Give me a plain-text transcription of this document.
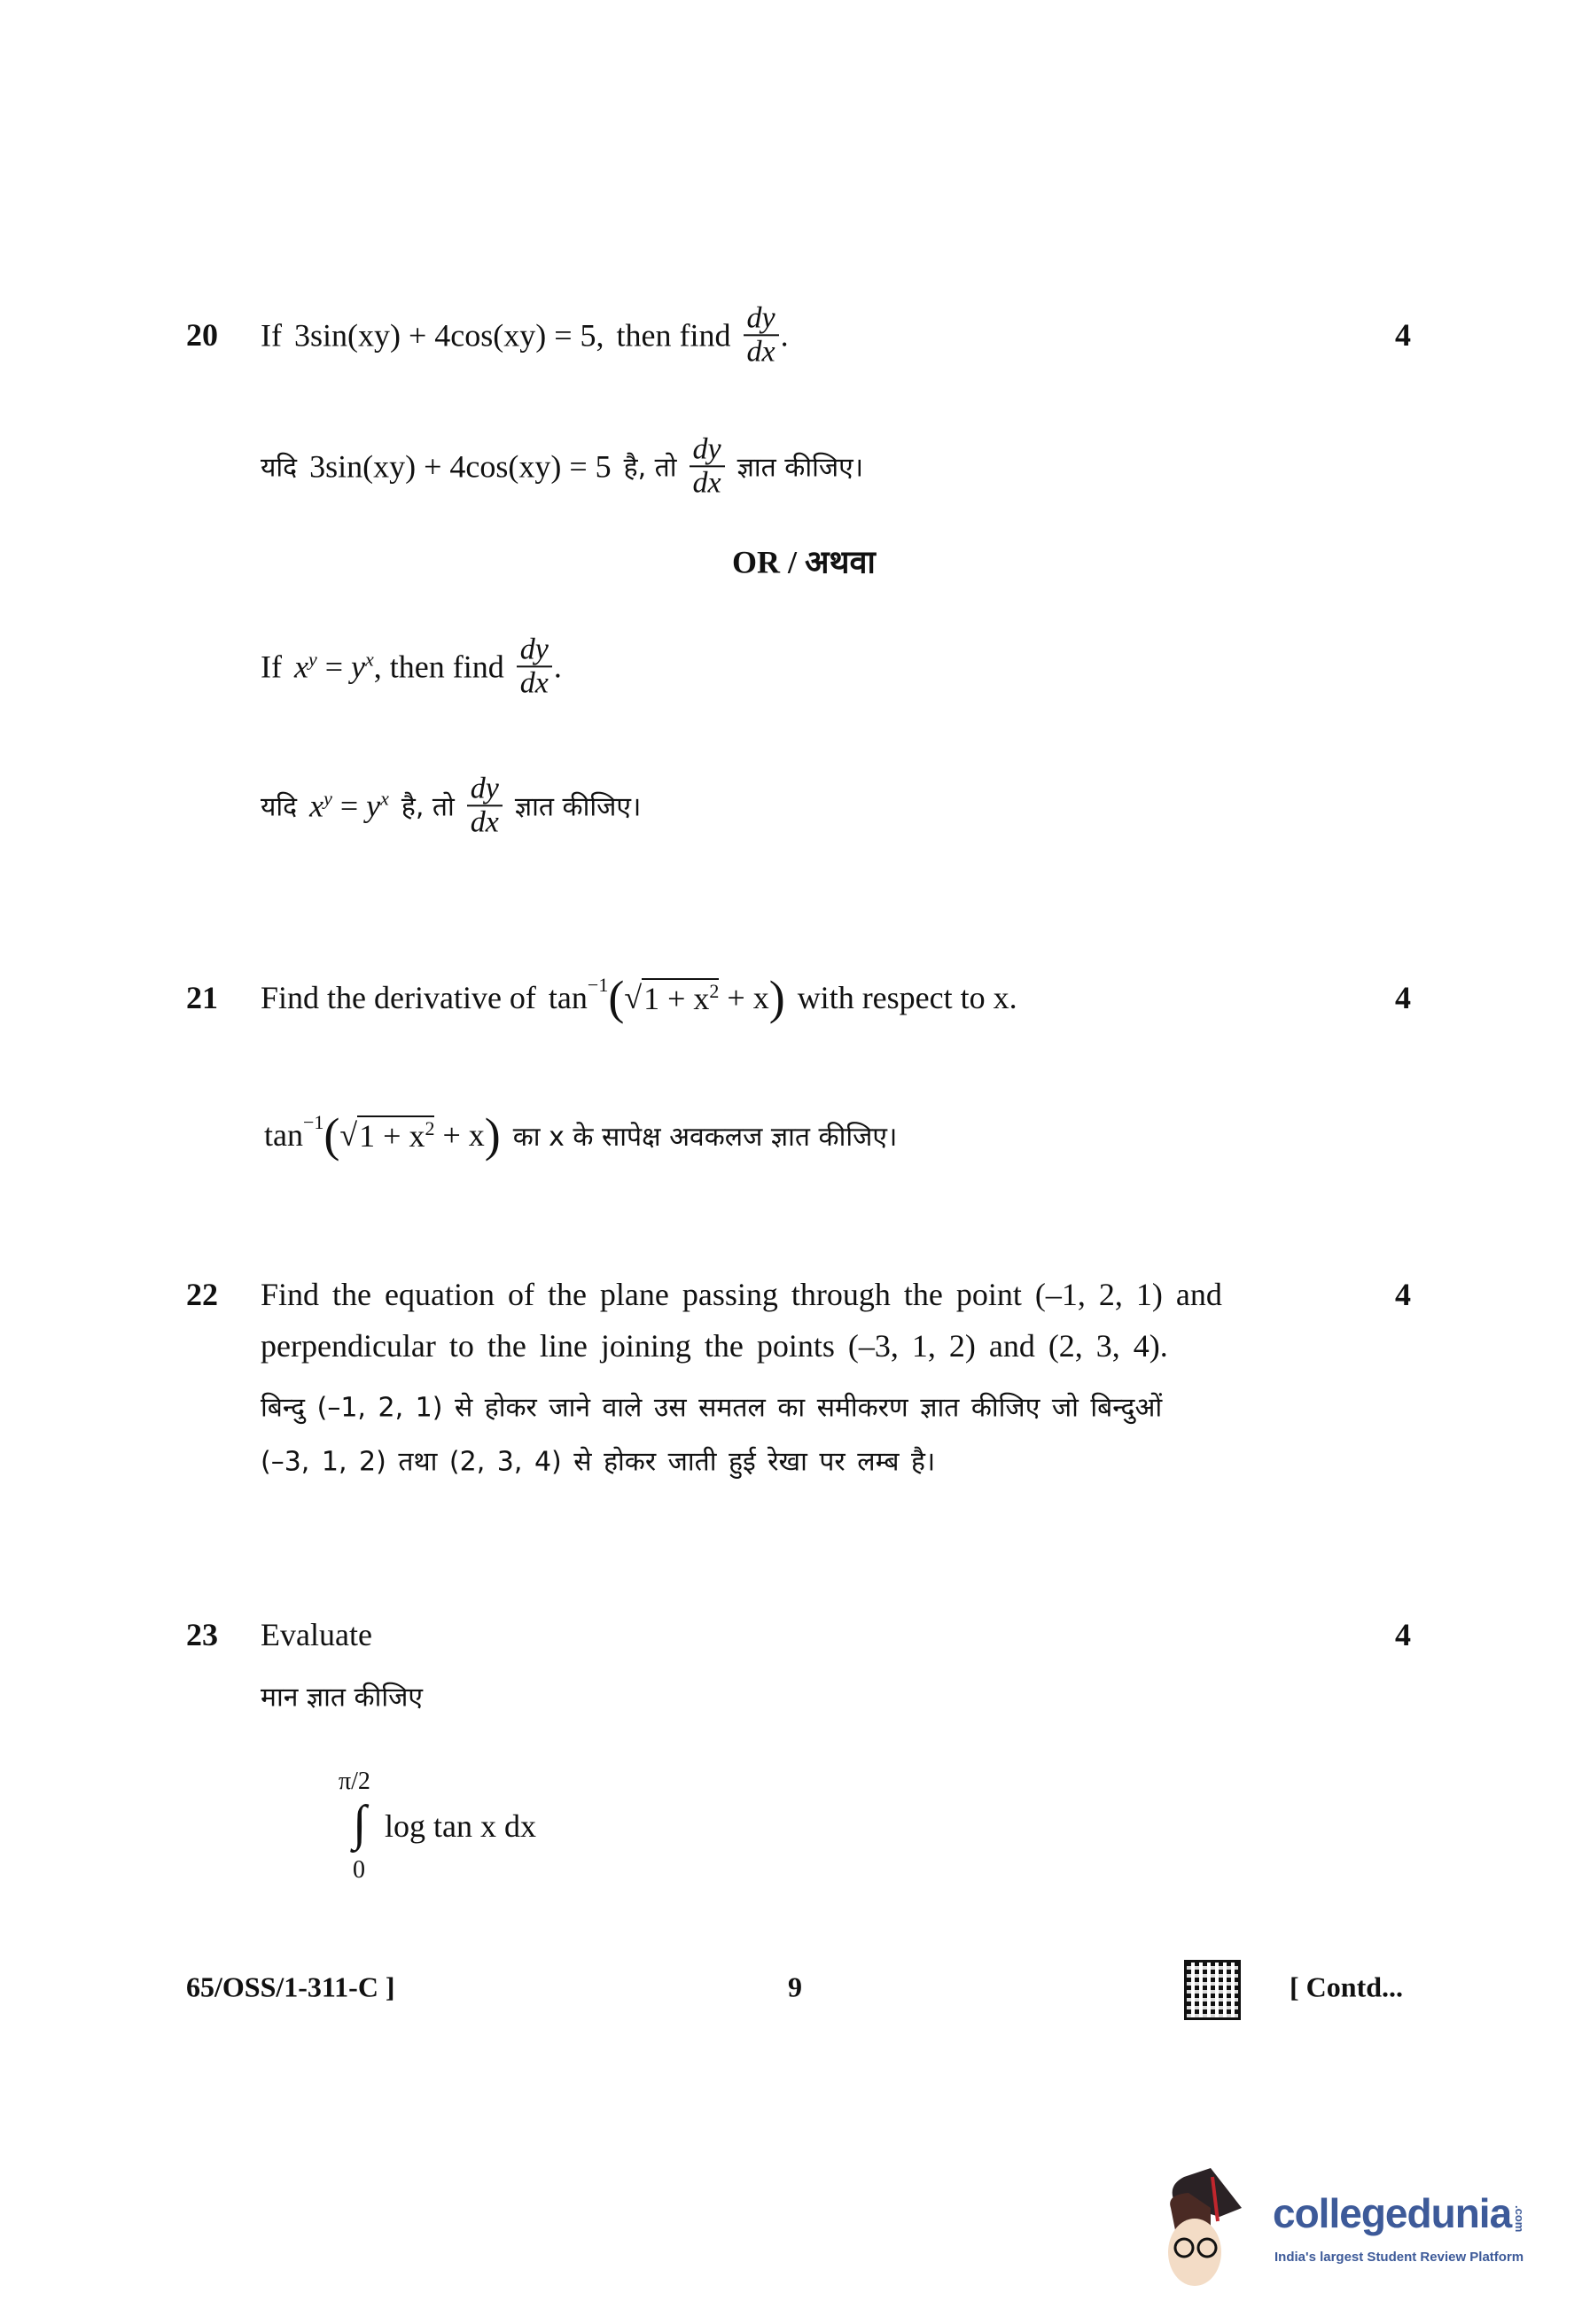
20	4
If 3sin(xy) + 4cos(xy) = 5, then find $\frac{dy}{dx}$ .
यदि 3sin(xy) + 4cos(xy) = 5 है, तो $\frac{dy}{dx}$ ज्ञात कीजिए।
OR / अथवा
If $x^y = y^x$ , then find $\frac{dy}{dx}$ .
यदि $x^y = y^x$ है, तो $\frac{dy}{dx}$ ज्ञात कीजिए।
21	4
Find the derivative of $\tan^{-1}$ ( √ $1 + x^2$
+ x ) with respect to x.
$\tan^{-1}$ ( √ $1 + x^2$
+ x ) का x के सापेक्ष अवकलज ज्ञात कीजिए।
22	4
Find the equation of the plane passing through the point (–1, 2, 1) and
perpendicular to the line joining the points (–3, 1, 2) and (2, 3, 4).
बिन्दु (–1, 2, 1) से होकर जाने वाले उस समतल का समीकरण ज्ञात कीजिए जो बिन्दुओं
(–3, 1, 2) तथा (2, 3, 4) से होकर जाती हुई रेखा पर लम्ब है।
23	4
Evaluate
मान ज्ञात कीजिए
π/2
∫
0
log tan x dx
65/OSS/1-311-C ]	9	[ Contd...
collegedunia .com
India's largest Student Review Platform
